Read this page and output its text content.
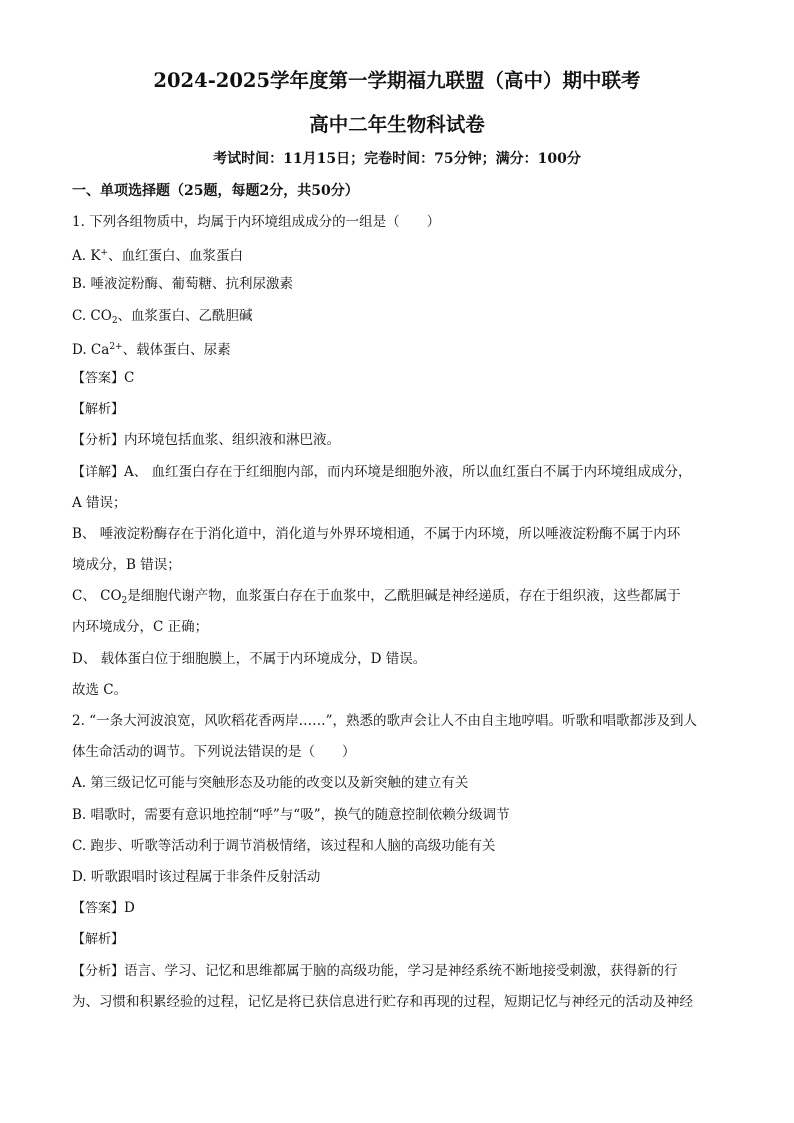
2024-2025学年度第一学期福九联盟（高中）期中联考
高中二年生物科试卷
考试时间：11月15日；完卷时间：75分钟；满分：100分
一、单项选择题（25题，每题2分，共50分）
1. 下列各组物质中，均属于内环境组成成分的一组是（　　）
A. K+、血红蛋白、血浆蛋白
B. 唾液淀粉酶、葡萄糖、抗利尿激素
C. $CO_2$、血浆蛋白、乙酰胆碱
D. $Ca^{2+}$、载体蛋白、尿素
【答案】C
【解析】
【分析】内环境包括血浆、组织液和淋巴液。
【详解】A、 血红蛋白存在于红细胞内部，而内环境是细胞外液，所以血红蛋白不属于内环境组成成分，
A 错误；
B、 唾液淀粉酶存在于消化道中，消化道与外界环境相通，不属于内环境，所以唾液淀粉酶不属于内环
境成分，B 错误；
C、 $CO_2$是细胞代谢产物，血浆蛋白存在于血浆中，乙酰胆碱是神经递质，存在于组织液，这些都属于
内环境成分，C 正确；
D、 载体蛋白位于细胞膜上，不属于内环境成分，D 错误。
故选 C。
2. “一条大河波浪宽，风吹稻花香两岸……”，熟悉的歌声会让人不由自主地哼唱。听歌和唱歌都涉及到人
体生命活动的调节。下列说法错误的是（　　）
A. 第三级记忆可能与突触形态及功能的改变以及新突触的建立有关
B. 唱歌时，需要有意识地控制“呼”与“吸”，换气的随意控制依赖分级调节
C. 跑步、听歌等活动利于调节消极情绪，该过程和人脑的高级功能有关
D. 听歌跟唱时该过程属于非条件反射活动
【答案】D
【解析】
【分析】语言、学习、记忆和思维都属于脑的高级功能，学习是神经系统不断地接受刺激，获得新的行
为、习惯和积累经验的过程，记忆是将已获信息进行贮存和再现的过程，短期记忆与神经元的活动及神经
